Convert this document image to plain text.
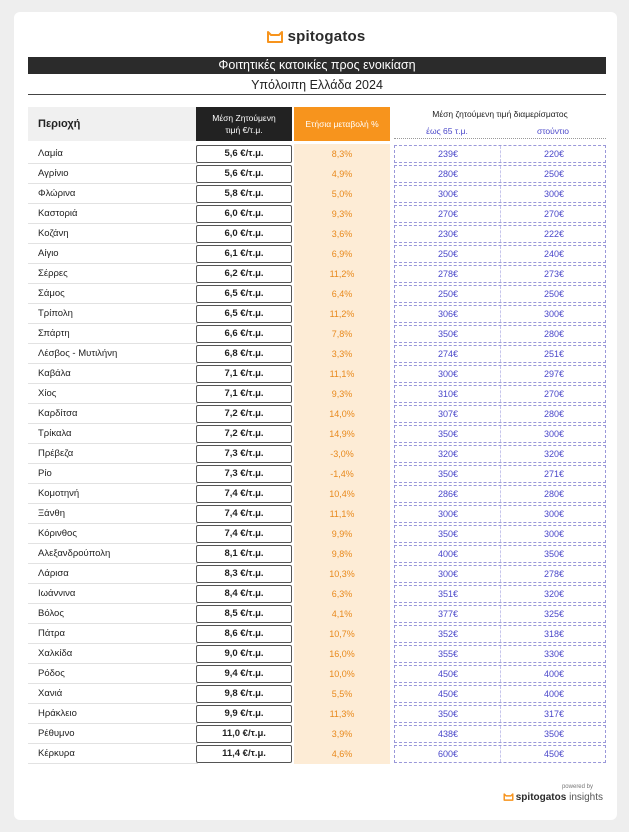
spitogatos
Φοιτητικές κατοικίες προς ενοικίαση
Υπόλοιπη Ελλάδα 2024
Περιοχή	Μέση Ζητούμενη
τιμή €/τ.μ.
Ετήσια μεταβολή %
Μέση ζητούμενη τιμή διαμερίσματος
έως 65 τ.μ.	στούντιο
Λαμία	5,6 €/τ.μ.	8,3%	239€	220€
Αγρίνιο	5,6 €/τ.μ.	4,9%	280€	250€
Φλώρινα	5,8 €/τ.μ.	5,0%	300€	300€
Καστοριά	6,0 €/τ.μ.	9,3%	270€	270€
Κοζάνη	6,0 €/τ.μ.	3,6%	230€	222€
Αίγιο	6,1 €/τ.μ.	6,9%	250€	240€
Σέρρες	6,2 €/τ.μ.	11,2%	278€	273€
Σάμος	6,5 €/τ.μ.	6,4%	250€	250€
Τρίπολη	6,5 €/τ.μ.	11,2%	306€	300€
Σπάρτη	6,6 €/τ.μ.	7,8%	350€	280€
Λέσβος - Μυτιλήνη	6,8 €/τ.μ.	3,3%	274€	251€
Καβάλα	7,1 €/τ.μ.	11,1%	300€	297€
Χίος	7,1 €/τ.μ.	9,3%	310€	270€
Καρδίτσα	7,2 €/τ.μ.	14,0%	307€	280€
Τρίκαλα	7,2 €/τ.μ.	14,9%	350€	300€
Πρέβεζα	7,3 €/τ.μ.	-3,0%	320€	320€
Ρίο	7,3 €/τ.μ.	-1,4%	350€	271€
Κομοτηνή	7,4 €/τ.μ.	10,4%	286€	280€
Ξάνθη	7,4 €/τ.μ.	11,1%	300€	300€
Κόρινθος	7,4 €/τ.μ.	9,9%	350€	300€
Αλεξανδρούπολη	8,1 €/τ.μ.	9,8%	400€	350€
Λάρισα	8,3 €/τ.μ.	10,3%	300€	278€
Ιωάννινα	8,4 €/τ.μ.	6,3%	351€	320€
Βόλος	8,5 €/τ.μ.	4,1%	377€	325€
Πάτρα	8,6 €/τ.μ.	10,7%	352€	318€
Χαλκίδα	9,0 €/τ.μ.	16,0%	355€	330€
Ρόδος	9,4 €/τ.μ.	10,0%	450€	400€
Χανιά	9,8 €/τ.μ.	5,5%	450€	400€
Ηράκλειο	9,9 €/τ.μ.	11,3%	350€	317€
Ρέθυμνο	11,0 €/τ.μ.	3,9%	438€	350€
Κέρκυρα	11,4 €/τ.μ.	4,6%	600€	450€
powered by
spitogatos insights
